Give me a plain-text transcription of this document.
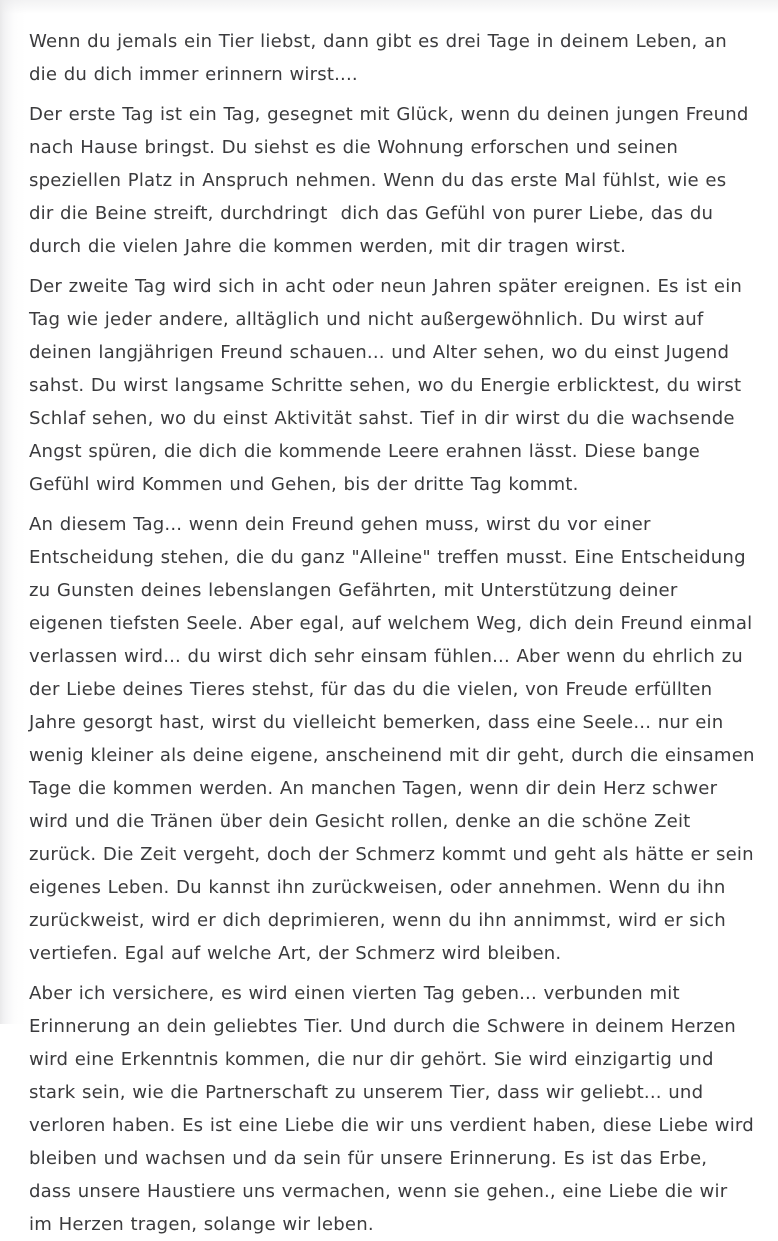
Wenn du jemals ein Tier liebst, dann gibt es drei Tage in deinem Leben, an die du dich immer erinnern wirst....

Der erste Tag ist ein Tag, gesegnet mit Glück, wenn du deinen jungen Freund nach Hause bringst. Du siehst es die Wohnung erforschen und seinen speziellen Platz in Anspruch nehmen. Wenn du das erste Mal fühlst, wie es dir die Beine streift, durchdringt  dich das Gefühl von purer Liebe, das du durch die vielen Jahre die kommen werden, mit dir tragen wirst.

Der zweite Tag wird sich in acht oder neun Jahren später ereignen. Es ist ein Tag wie jeder andere, alltäglich und nicht außergewöhnlich. Du wirst auf deinen langjährigen Freund schauen... und Alter sehen, wo du einst Jugend sahst. Du wirst langsame Schritte sehen, wo du Energie erblicktest, du wirst Schlaf sehen, wo du einst Aktivität sahst. Tief in dir wirst du die wachsende Angst spüren, die dich die kommende Leere erahnen lässt. Diese bange Gefühl wird Kommen und Gehen, bis der dritte Tag kommt.

An diesem Tag... wenn dein Freund gehen muss, wirst du vor einer Entscheidung stehen, die du ganz "Alleine" treffen musst. Eine Entscheidung zu Gunsten deines lebenslangen Gefährten, mit Unterstützung deiner eigenen tiefsten Seele. Aber egal, auf welchem Weg, dich dein Freund einmal verlassen wird... du wirst dich sehr einsam fühlen... Aber wenn du ehrlich zu der Liebe deines Tieres stehst, für das du die vielen, von Freude erfüllten Jahre gesorgt hast, wirst du vielleicht bemerken, dass eine Seele... nur ein wenig kleiner als deine eigene, anscheinend mit dir geht, durch die einsamen Tage die kommen werden. An manchen Tagen, wenn dir dein Herz schwer wird und die Tränen über dein Gesicht rollen, denke an die schöne Zeit zurück. Die Zeit vergeht, doch der Schmerz kommt und geht als hätte er sein eigenes Leben. Du kannst ihn zurückweisen, oder annehmen. Wenn du ihn zurückweist, wird er dich deprimieren, wenn du ihn annimmst, wird er sich vertiefen. Egal auf welche Art, der Schmerz wird bleiben.

Aber ich versichere, es wird einen vierten Tag geben... verbunden mit Erinnerung an dein geliebtes Tier. Und durch die Schwere in deinem Herzen wird eine Erkenntnis kommen, die nur dir gehört. Sie wird einzigartig und stark sein, wie die Partnerschaft zu unserem Tier, dass wir geliebt... und verloren haben. Es ist eine Liebe die wir uns verdient haben, diese Liebe wird bleiben und wachsen und da sein für unsere Erinnerung. Es ist das Erbe, dass unsere Haustiere uns vermachen, wenn sie gehen., eine Liebe die wir im Herzen tragen, solange wir leben.
